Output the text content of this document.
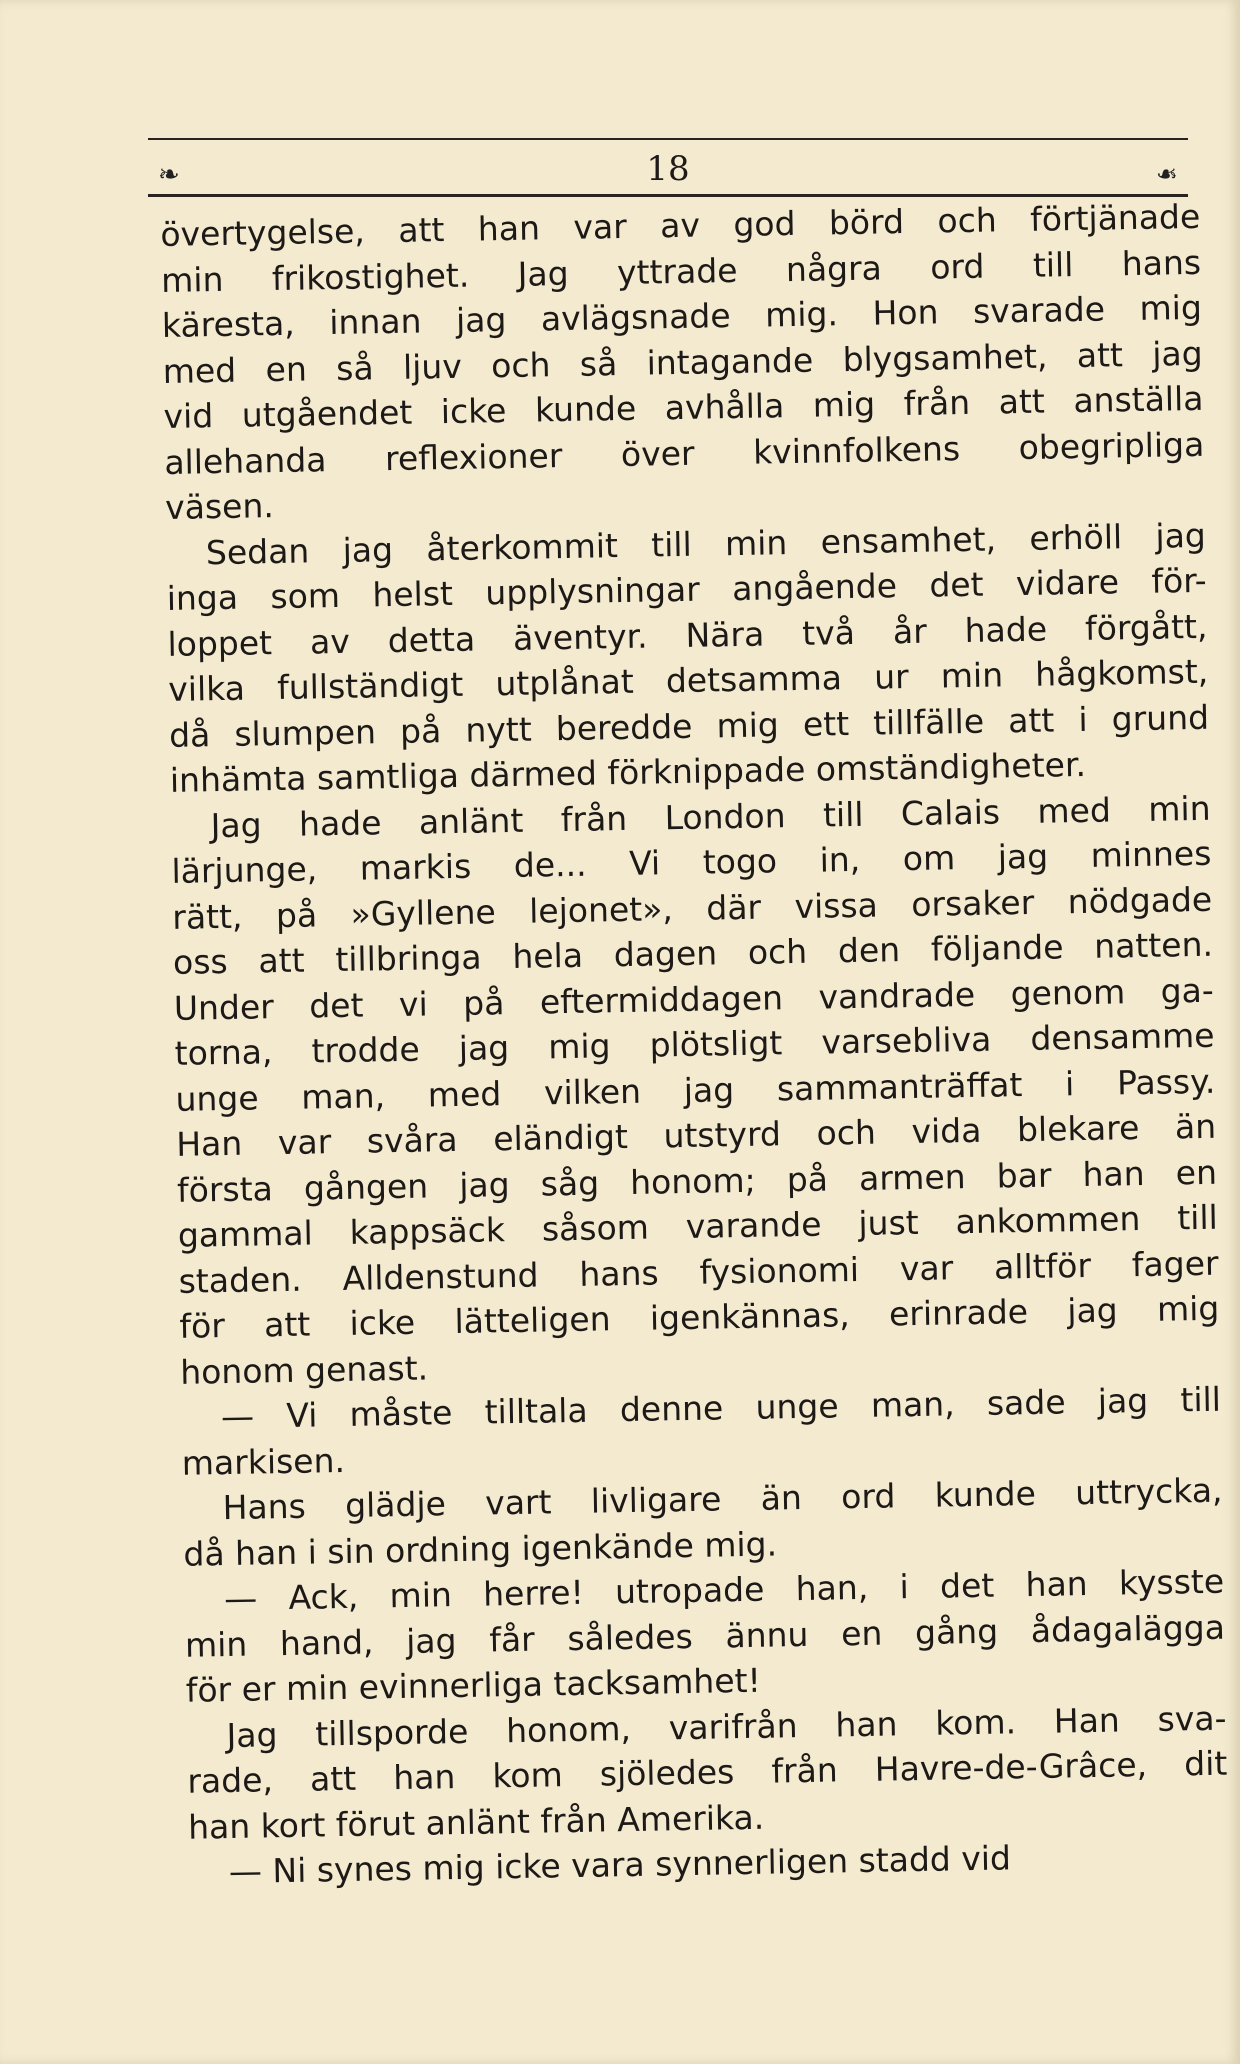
❧	18	❧
övertygelse, att han var av god börd och förtjänade
min frikostighet. Jag yttrade några ord till hans
käresta, innan jag avlägsnade mig. Hon svarade mig
med en så ljuv och så intagande blygsamhet, att jag
vid utgåendet icke kunde avhålla mig från att anställa
allehanda reflexioner över kvinnfolkens obegripliga
väsen.
Sedan jag återkommit till min ensamhet, erhöll jag
inga som helst upplysningar angående det vidare för-
loppet av detta äventyr. Nära två år hade förgått,
vilka fullständigt utplånat detsamma ur min hågkomst,
då slumpen på nytt beredde mig ett tillfälle att i grund
inhämta samtliga därmed förknippade omständigheter.
Jag hade anlänt från London till Calais med min
lärjunge, markis de... Vi togo in, om jag minnes
rätt, på »Gyllene lejonet», där vissa orsaker nödgade
oss att tillbringa hela dagen och den följande natten.
Under det vi på eftermiddagen vandrade genom ga-
torna, trodde jag mig plötsligt varsebliva densamme
unge man, med vilken jag sammanträffat i Passy.
Han var svåra eländigt utstyrd och vida blekare än
första gången jag såg honom; på armen bar han en
gammal kappsäck såsom varande just ankommen till
staden. Alldenstund hans fysionomi var alltför fager
för att icke lätteligen igenkännas, erinrade jag mig
honom genast.
— Vi måste tilltala denne unge man, sade jag till
markisen.
Hans glädje vart livligare än ord kunde uttrycka,
då han i sin ordning igenkände mig.
— Ack, min herre! utropade han, i det han kysste
min hand, jag får således ännu en gång ådagalägga
för er min evinnerliga tacksamhet!
Jag tillsporde honom, varifrån han kom. Han sva-
rade, att han kom sjöledes från Havre-de-Grâce, dit
han kort förut anlänt från Amerika.
— Ni synes mig icke vara synnerligen stadd vid
